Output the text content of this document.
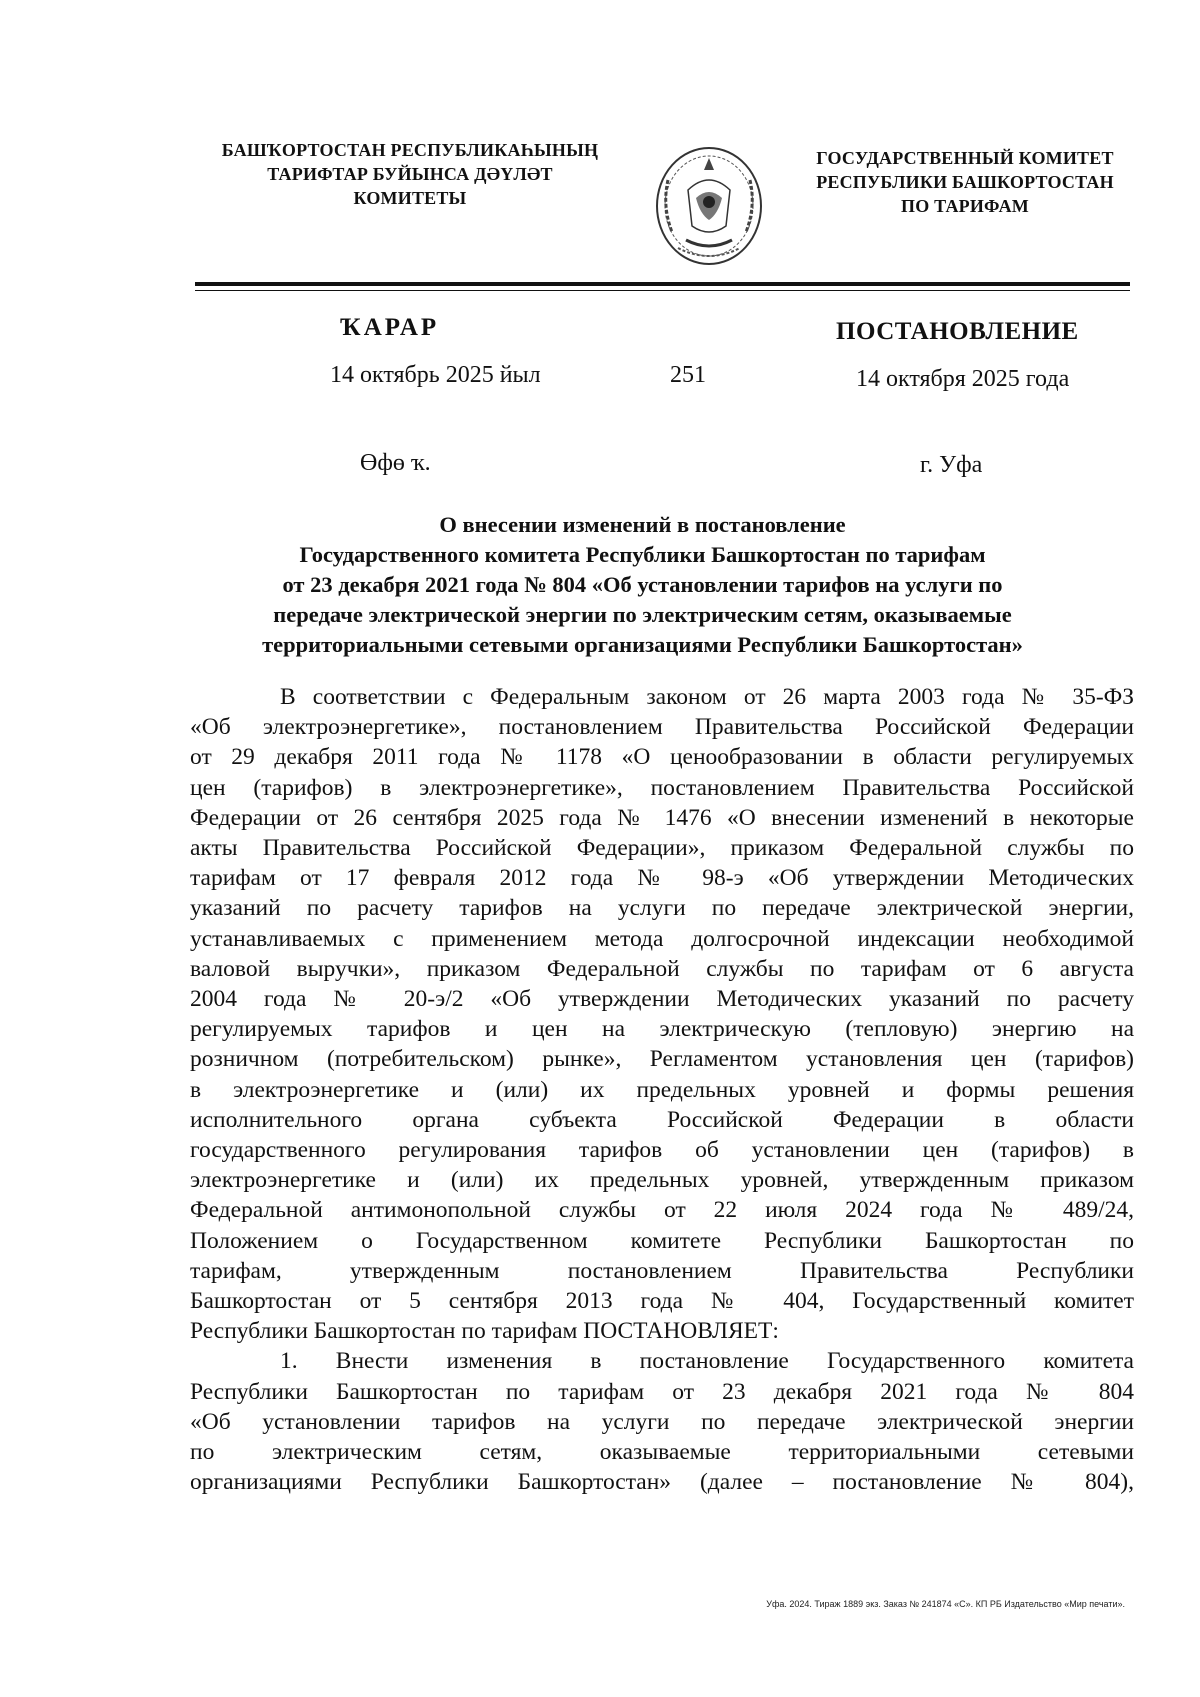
БАШҠОРТОСТАН РЕСПУБЛИКАҺЫНЫҢ
ТАРИФТАР БУЙЫНСА ДӘҮЛӘТ
КОМИТЕТЫ
ГОСУДАРСТВЕННЫЙ КОМИТЕТ
РЕСПУБЛИКИ БАШКОРТОСТАН
ПО ТАРИФАМ
ҠАРАР	ПОСТАНОВЛЕНИЕ
14 октябрь 2025 йыл	251	14 октября 2025 года
Өфө ҡ.	г. Уфа
О внесении изменений в постановление
Государственного комитета Республики Башкортостан по тарифам
от 23 декабря 2021 года № 804 «Об установлении тарифов на услуги по
передаче электрической энергии по электрическим сетям, оказываемые
территориальными сетевыми организациями Республики Башкортостан»
В соответствии с Федеральным законом от 26 марта 2003 года № 35-ФЗ
«Об электроэнергетике», постановлением Правительства Российской Федерации
от 29 декабря 2011 года № 1178 «О ценообразовании в области регулируемых
цен (тарифов) в электроэнергетике», постановлением Правительства Российской
Федерации от 26 сентября 2025 года № 1476 «О внесении изменений в некоторые
акты Правительства Российской Федерации», приказом Федеральной службы по
тарифам от 17 февраля 2012 года № 98-э «Об утверждении Методических
указаний по расчету тарифов на услуги по передаче электрической энергии,
устанавливаемых с применением метода долгосрочной индексации необходимой
валовой выручки», приказом Федеральной службы по тарифам от 6 августа
2004 года № 20-э/2 «Об утверждении Методических указаний по расчету
регулируемых тарифов и цен на электрическую (тепловую) энергию на
розничном (потребительском) рынке», Регламентом установления цен (тарифов)
в электроэнергетике и (или) их предельных уровней и формы решения
исполнительного органа субъекта Российской Федерации в области
государственного регулирования тарифов об установлении цен (тарифов) в
электроэнергетике и (или) их предельных уровней, утвержденным приказом
Федеральной антимонопольной службы от 22 июля 2024 года № 489/24,
Положением о Государственном комитете Республики Башкортостан по
тарифам, утвержденным постановлением Правительства Республики
Башкортостан от 5 сентября 2013 года № 404, Государственный комитет
Республики Башкортостан по тарифам ПОСТАНОВЛЯЕТ:
1. Внести изменения в постановление Государственного комитета
Республики Башкортостан по тарифам от 23 декабря 2021 года № 804
«Об установлении тарифов на услуги по передаче электрической энергии
по электрическим сетям, оказываемые территориальными сетевыми
организациями Республики Башкортостан» (далее – постановление № 804),
Уфа. 2024. Тираж 1889 экз. Заказ № 241874 «С». КП РБ Издательство «Мир печати».
